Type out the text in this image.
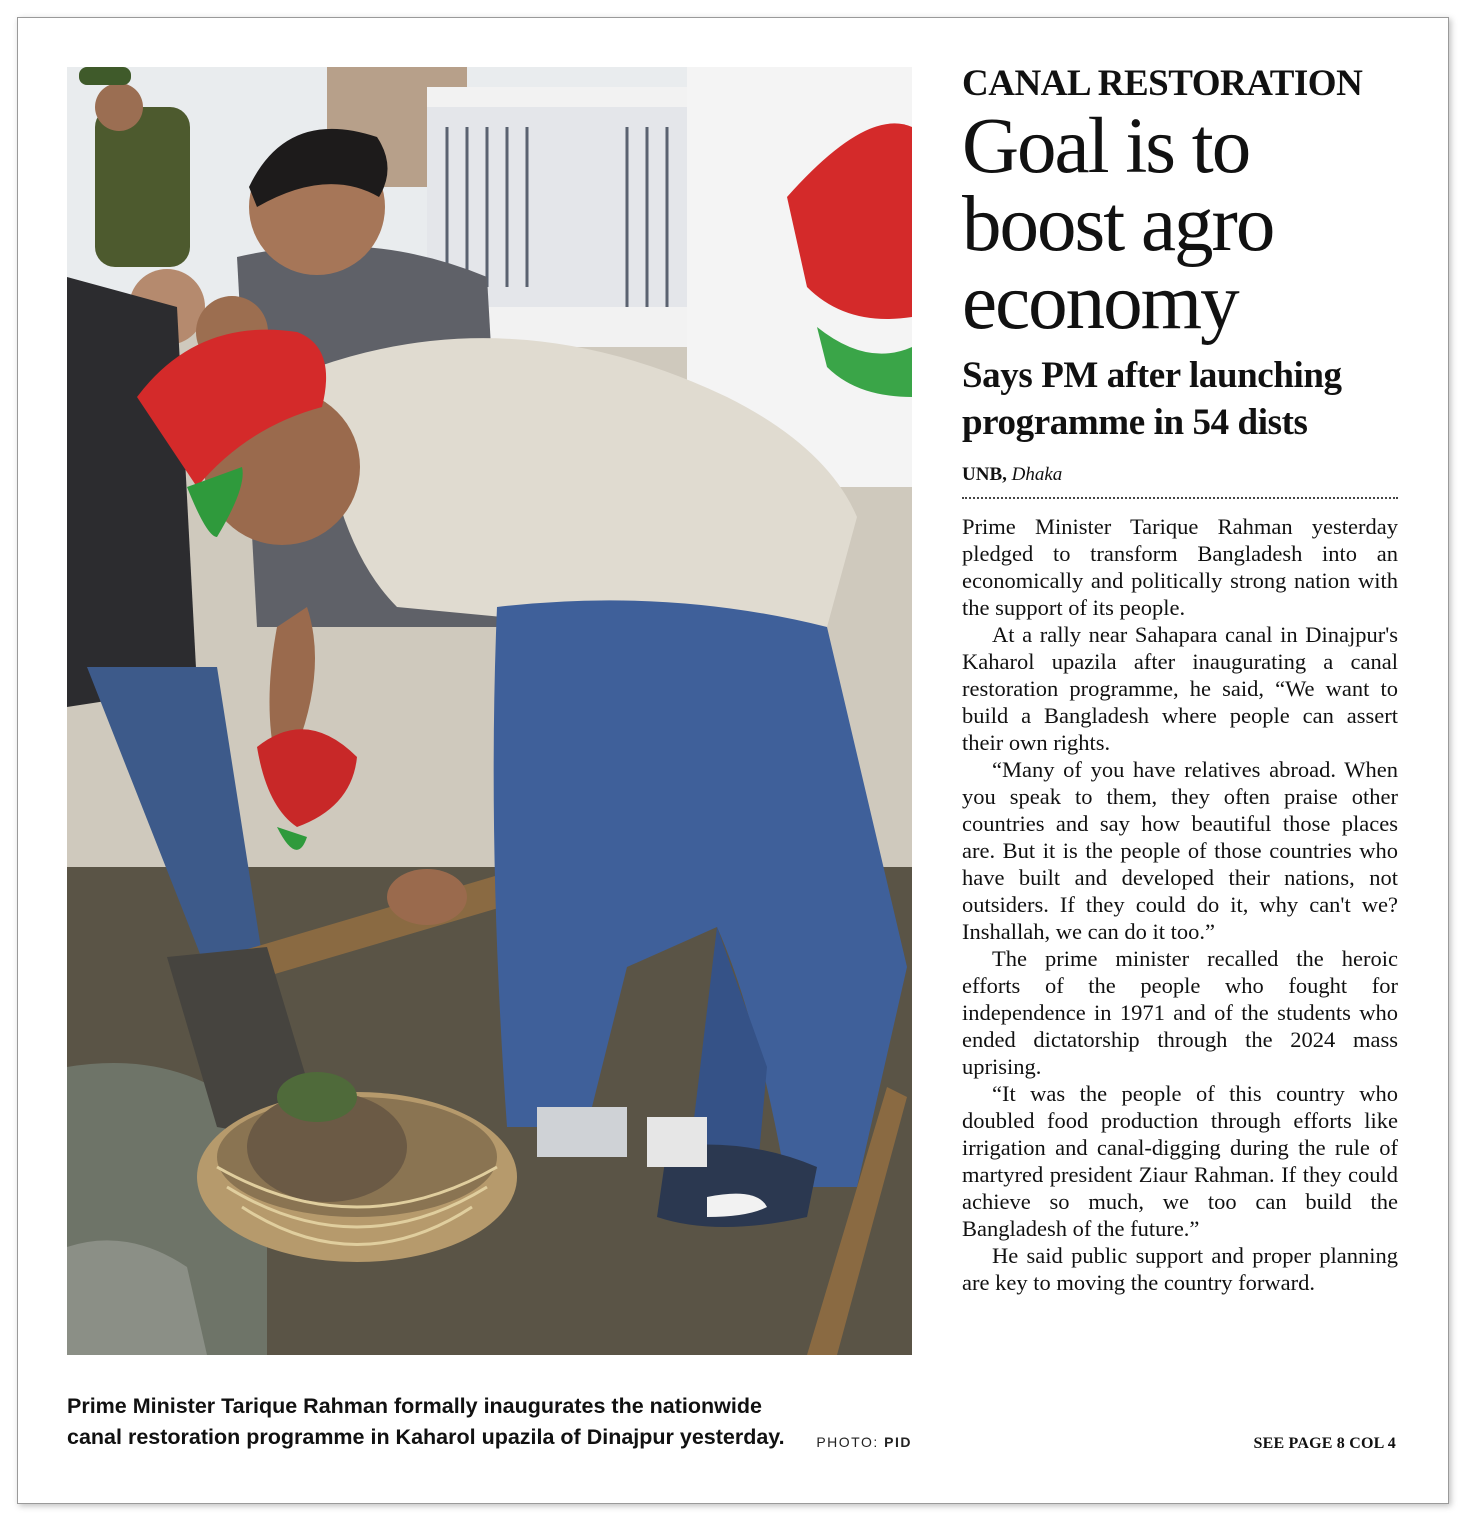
Prime Minister Tarique Rahman formally inaugurates the nationwide canal restoration programme in Kaharol upazila of Dinajpur yesterday.	PHOTO: PID
CANAL RESTORATION
Goal is to boost agro economy
Says PM after launching programme in 54 dists
UNB, Dhaka

Prime Minister Tarique Rahman yesterday pledged to transform Bangladesh into an economically and politically strong nation with the support of its people.

At a rally near Sahapara canal in Dinajpur's Kaharol upazila after inaugurating a canal restoration programme, he said, “We want to build a Bangladesh where people can assert their own rights.

“Many of you have relatives abroad. When you speak to them, they often praise other countries and say how beautiful those places are. But it is the people of those countries who have built and developed their nations, not outsiders. If they could do it, why can't we? Inshallah, we can do it too.”

The prime minister recalled the heroic efforts of the people who fought for independence in 1971 and of the students who ended dictatorship through the 2024 mass uprising.

“It was the people of this country who doubled food production through efforts like irrigation and canal-digging during the rule of martyred president Ziaur Rahman. If they could achieve so much, we too can build the Bangladesh of the future.”

He said public support and proper planning are key to moving the country forward.

SEE PAGE 8 COL 4
